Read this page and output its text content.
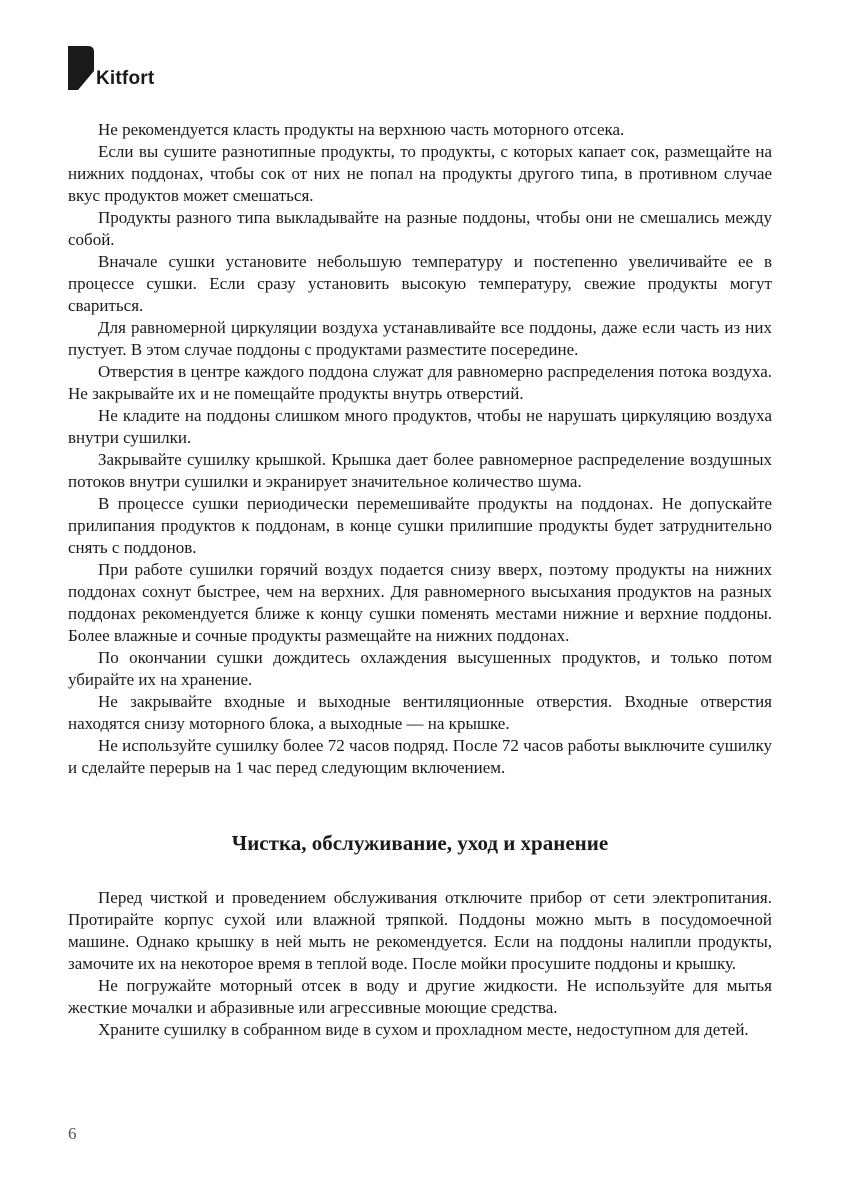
Kitfort

Не рекомендуется класть продукты на верхнюю часть моторного отсека.

Если вы сушите разнотипные продукты, то продукты, с которых капает сок, размещайте на нижних поддонах, чтобы сок от них не попал на продукты другого типа, в противном случае вкус продуктов может смешаться.

Продукты разного типа выкладывайте на разные поддоны, чтобы они не смешались между собой.

Вначале сушки установите небольшую температуру и постепенно увеличивайте ее в процессе сушки. Если сразу установить высокую температуру, свежие продукты могут свариться.

Для равномерной циркуляции воздуха устанавливайте все поддоны, даже если часть из них пустует. В этом случае поддоны с продуктами разместите посередине.

Отверстия в центре каждого поддона служат для равномерно распределения потока воздуха. Не закрывайте их и не помещайте продукты внутрь отверстий.

Не кладите на поддоны слишком много продуктов, чтобы не нарушать циркуляцию воздуха внутри сушилки.

Закрывайте сушилку крышкой. Крышка дает более равномерное распределение воздушных потоков внутри сушилки и экранирует значительное количество шума.

В процессе сушки периодически перемешивайте продукты на поддонах. Не допускайте прилипания продуктов к поддонам, в конце сушки прилипшие продукты будет затруднительно снять с поддонов.

При работе сушилки горячий воздух подается снизу вверх, поэтому продукты на нижних поддонах сохнут быстрее, чем на верхних. Для равномерного высыхания продуктов на разных поддонах рекомендуется ближе к концу сушки поменять местами нижние и верхние поддоны. Более влажные и сочные продукты размещайте на нижних поддонах.

По окончании сушки дождитесь охлаждения высушенных продуктов, и только потом убирайте их на хранение.

Не закрывайте входные и выходные вентиляционные отверстия. Входные отверстия находятся снизу моторного блока, а выходные — на крышке.

Не используйте сушилку более 72 часов подряд. После 72 часов работы выключите сушилку и сделайте перерыв на 1 час перед следующим включением.

Чистка, обслуживание, уход и хранение

Перед чисткой и проведением обслуживания отключите прибор от сети электропитания. Протирайте корпус сухой или влажной тряпкой. Поддоны можно мыть в посудомоечной машине. Однако крышку в ней мыть не рекомендуется. Если на поддоны налипли продукты, замочите их на некоторое время в теплой воде. После мойки просушите поддоны и крышку.

Не погружайте моторный отсек в воду и другие жидкости. Не используйте для мытья жесткие мочалки и абразивные или агрессивные моющие средства.

Храните сушилку в собранном виде в сухом и прохладном месте, недоступном для детей.

6
